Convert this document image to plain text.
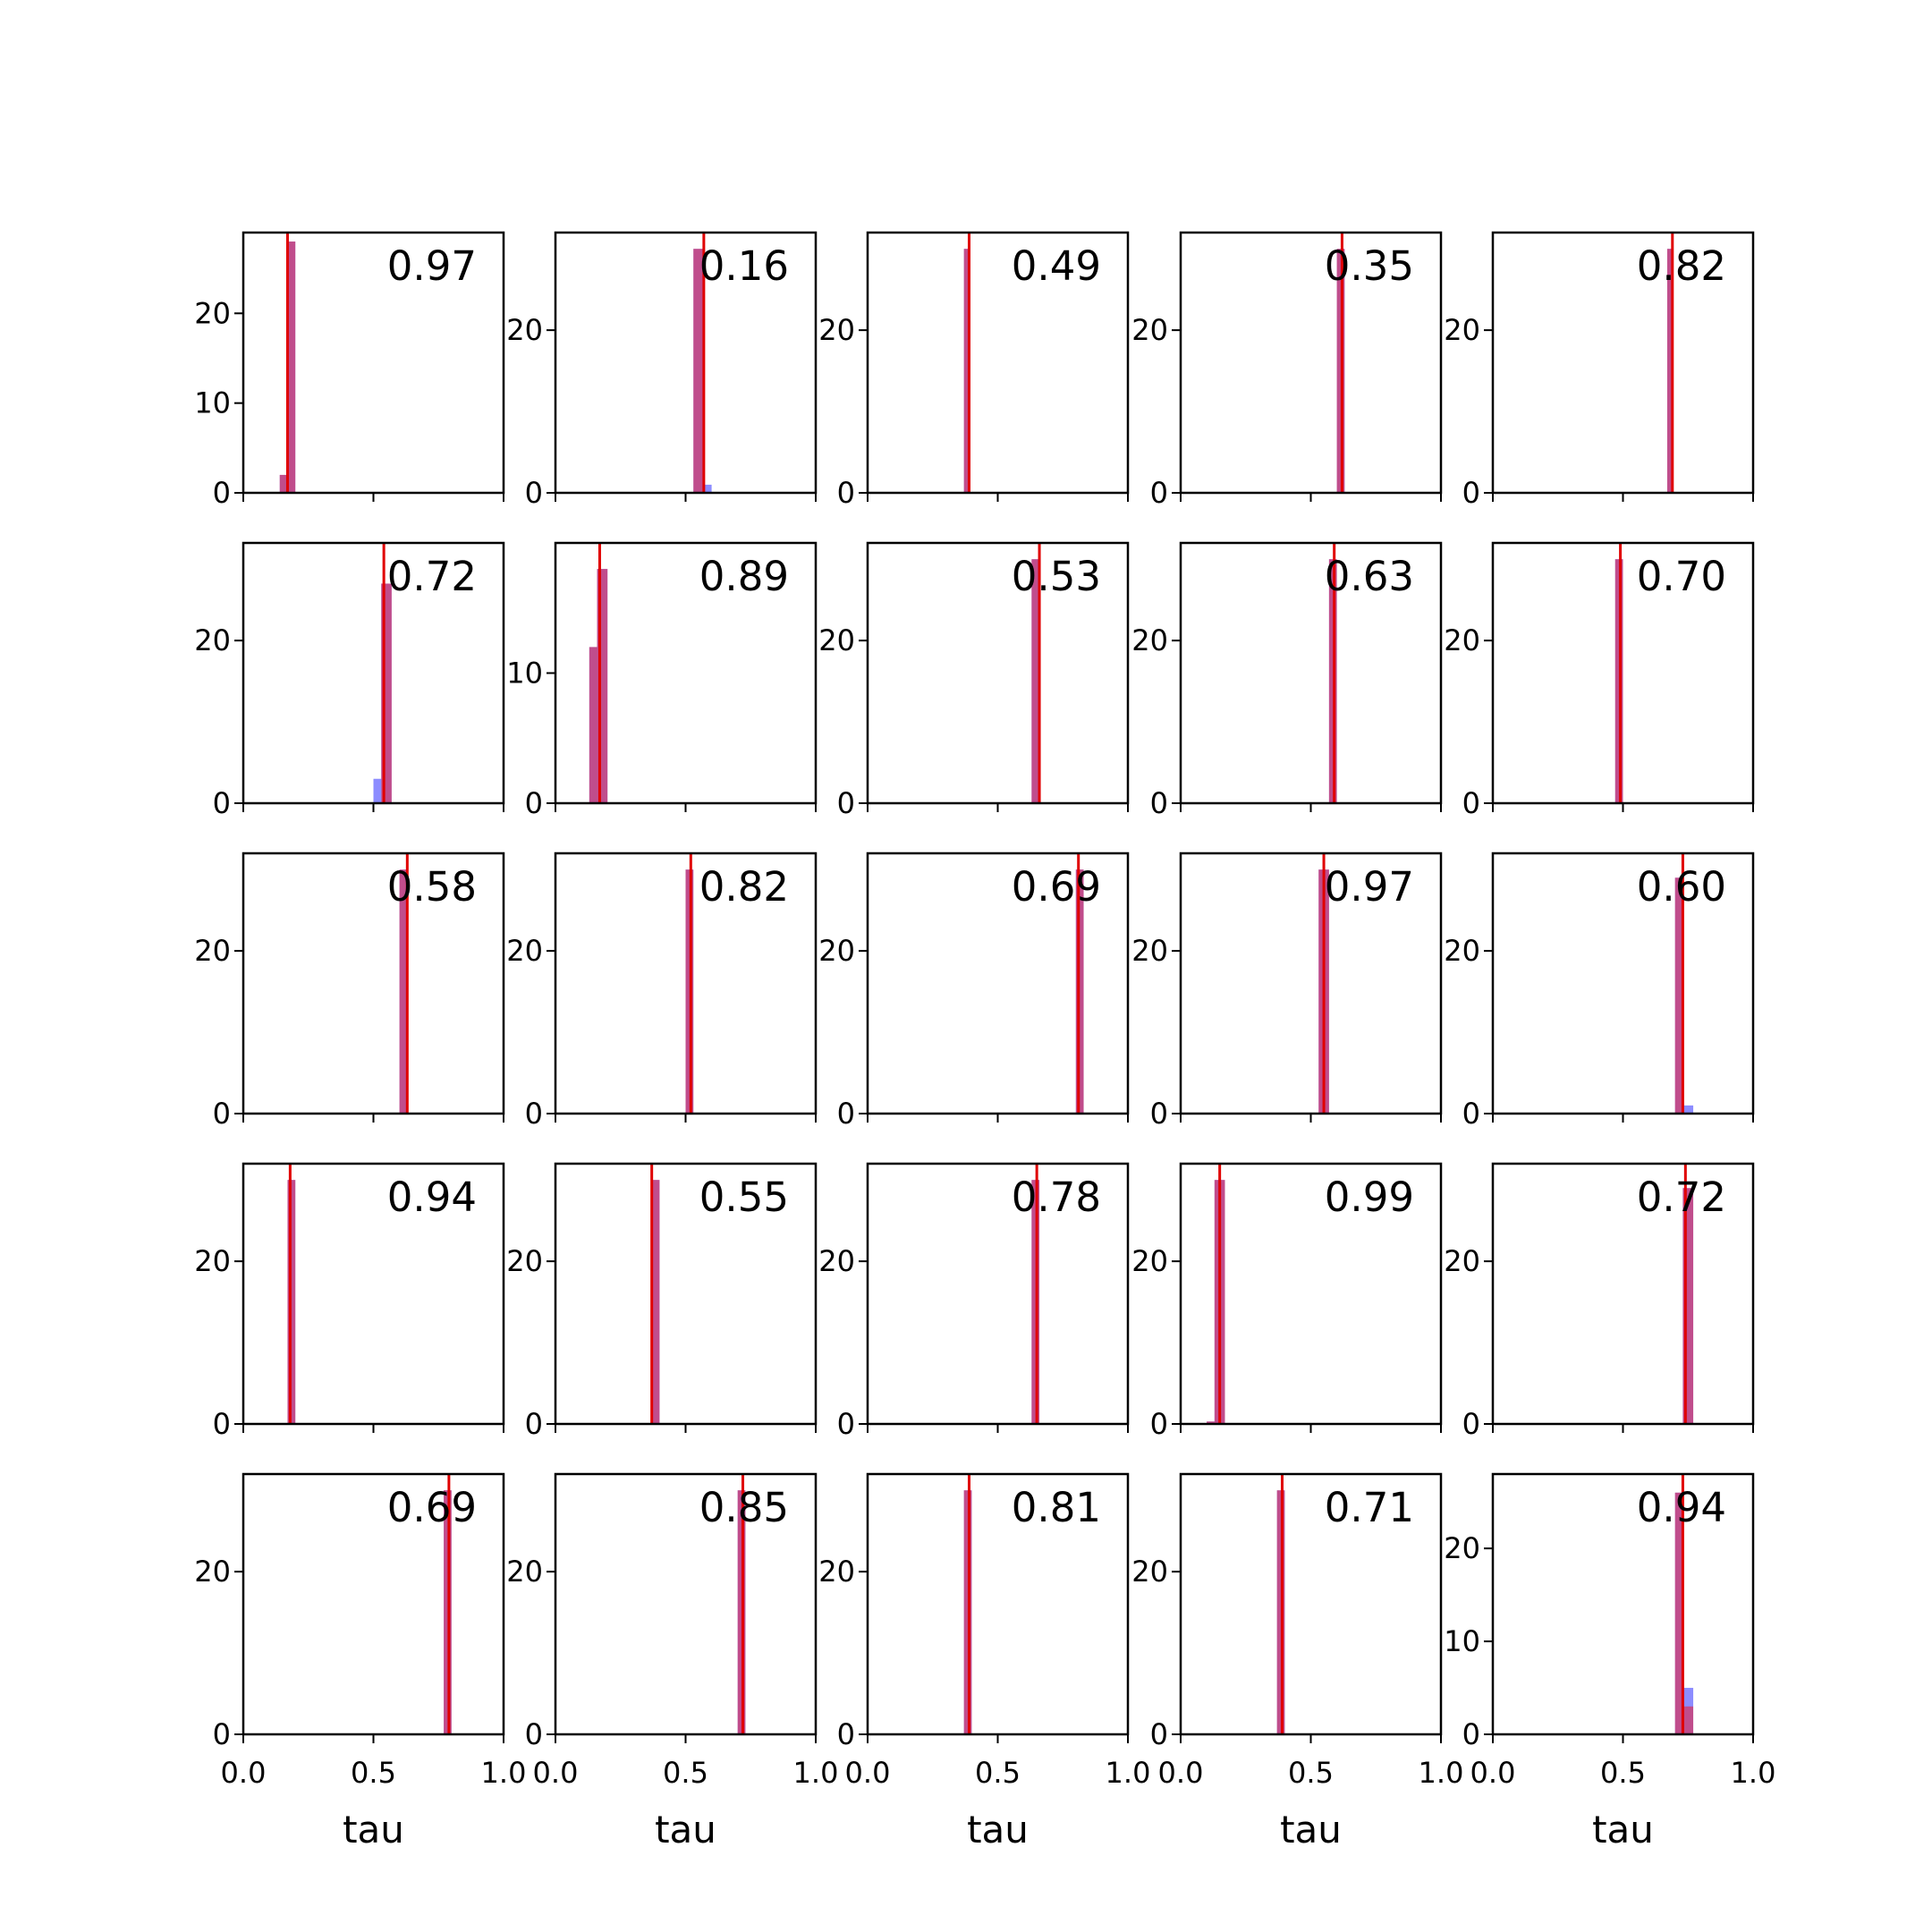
0
10
20
0.97
0
20
0.16
0
20
0.49
0
20
0.35
0
20
0.82
0
20
0.72
0
10
0.89
0
20
0.53
0
20
0.63
0
20
0.70
0
20
0.58
0
20
0.82
0
20
0.69
0
20
0.97
0
20
0.60
0
20
0.94
0
20
0.55
0
20
0.78
0
20
0.99
0
20
0.72
0
20
0.0	0.5	1.0
tau
0.69
0
20
0.0	0.5	1.0
tau
0.85
0
20
0.0	0.5	1.0
tau
0.81
0
20
0.0	0.5	1.0
tau
0.71
0
10
20
0.0	0.5	1.0
tau
0.94
